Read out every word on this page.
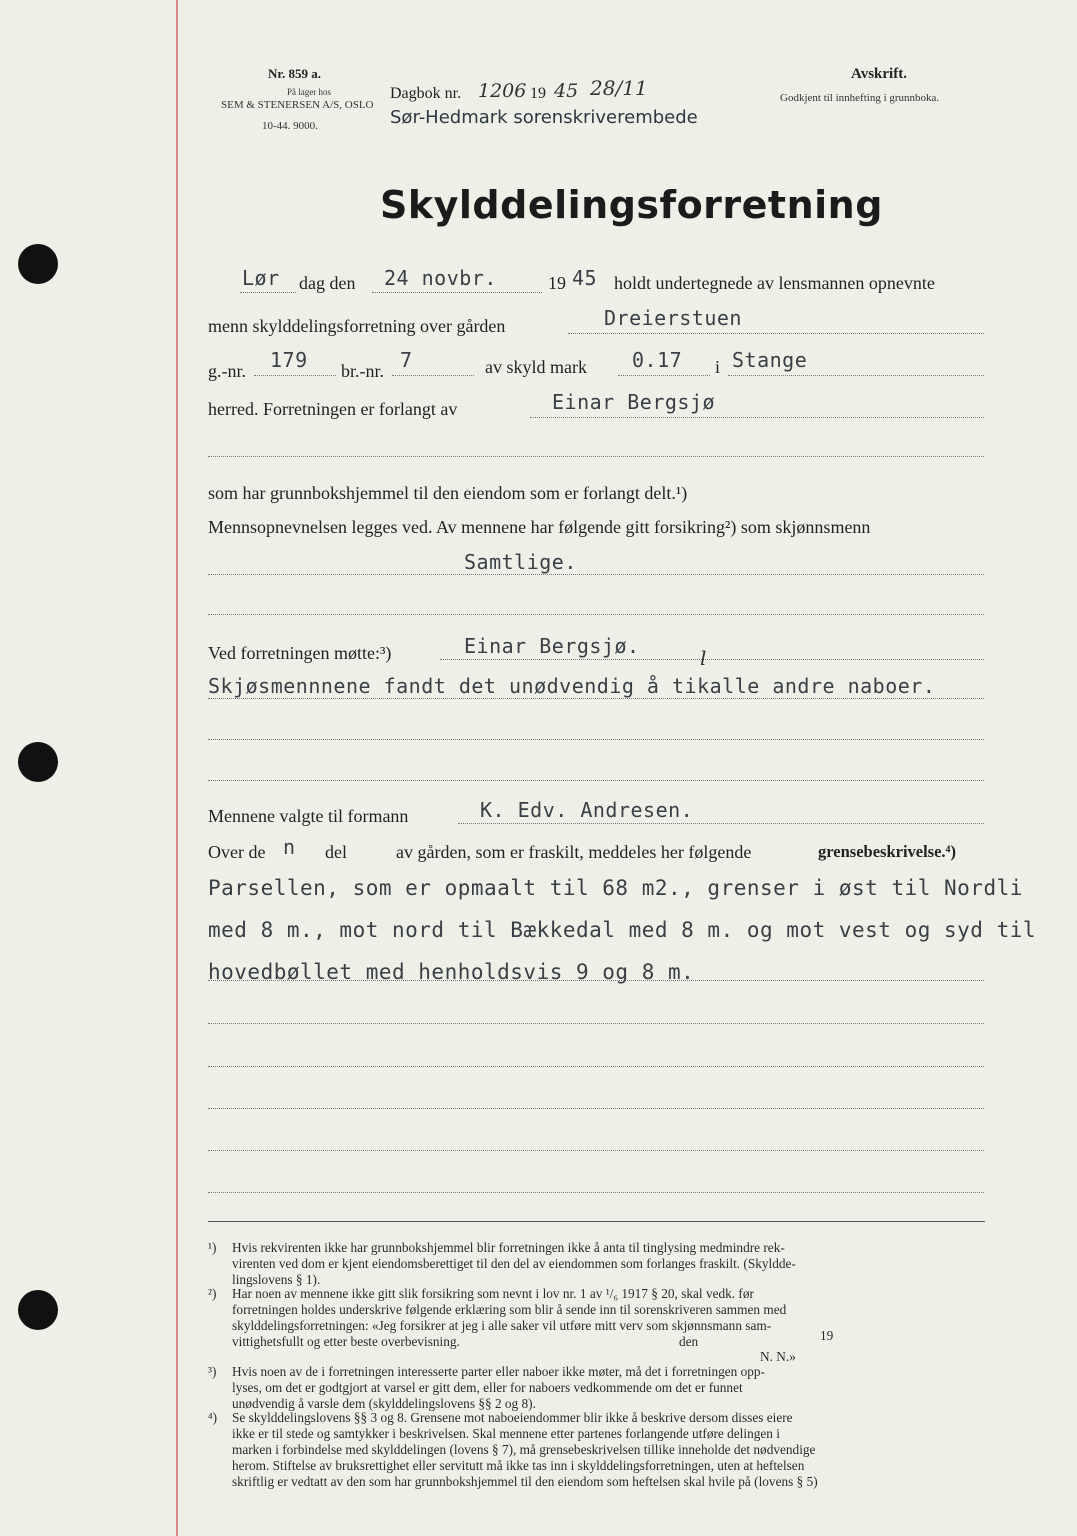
Nr. 859 a.
På lager hos
SEM & STENERSEN A/S, OSLO
10-44. 9000.
Dagbok nr. 1206 19 45 28/11
Sør-Hedmark sorenskriverembede
Avskrift.
Godkjent til innhefting i grunnboka.
Skylddelingsforretning
Lør dag den 24 novbr.	19 45 holdt undertegnede av lensmannen opnevnte
menn skylddelingsforretning over gården	Dreierstuen
g.-nr. 179 br.-nr. 7	av skyld mark 0.17 i Stange
herred. Forretningen er forlangt av	Einar Bergsjø
som har grunnbokshjemmel til den eiendom som er forlangt delt.¹)
Mennsopnevnelsen legges ved. Av mennene har følgende gitt forsikring²) som skjønnsmenn
Samtlige.
Ved forretningen møtte:³)	Einar Bergsjø.	l
Skjøsmennnene fandt det unødvendig å tikalle andre naboer.
Mennene valgte til formann	K. Edv. Andresen.
Over de n del	av gården, som er fraskilt, meddeles her følgende	grensebeskrivelse.⁴)
Parsellen, som er opmaalt til 68 m2., grenser i øst til Nordli
med 8 m., mot nord til Bækkedal med 8 m. og mot vest og syd til
hovedbøllet med henholdsvis 9 og 8 m.
¹) Hvis rekvirenten ikke har grunnbokshjemmel blir forretningen ikke å anta til tinglysing medmindre rek-
virenten ved dom er kjent eiendomsberettiget til den del av eiendommen som forlanges fraskilt. (Skyldde-
lingslovens § 1).
²) Har noen av mennene ikke gitt slik forsikring som nevnt i lov nr. 1 av ¹/₆ 1917 § 20, skal vedk. før
forretningen holdes underskrive følgende erklæring som blir å sende inn til sorenskriveren sammen med
skylddelingsforretningen: «Jeg forsikrer at jeg i alle saker vil utføre mitt verv som skjønnsmann sam-
vittighetsfullt og etter beste overbevisning.	den	19
N. N.»
³) Hvis noen av de i forretningen interesserte parter eller naboer ikke møter, må det i forretningen opp-
lyses, om det er godtgjort at varsel er gitt dem, eller for naboers vedkommende om det er funnet
unødvendig å varsle dem (skylddelingslovens §§ 2 og 8).
⁴) Se skylddelingslovens §§ 3 og 8. Grensene mot naboeiendommer blir ikke å beskrive dersom disses eiere
ikke er til stede og samtykker i beskrivelsen. Skal mennene etter partenes forlangende utføre delingen i
marken i forbindelse med skylddelingen (lovens § 7), må grensebeskrivelsen tillike inneholde det nødvendige
herom. Stiftelse av bruksrettighet eller servitutt må ikke tas inn i skylddelingsforretningen, uten at heftelsen
skriftlig er vedtatt av den som har grunnbokshjemmel til den eiendom som heftelsen skal hvile på (lovens § 5)
